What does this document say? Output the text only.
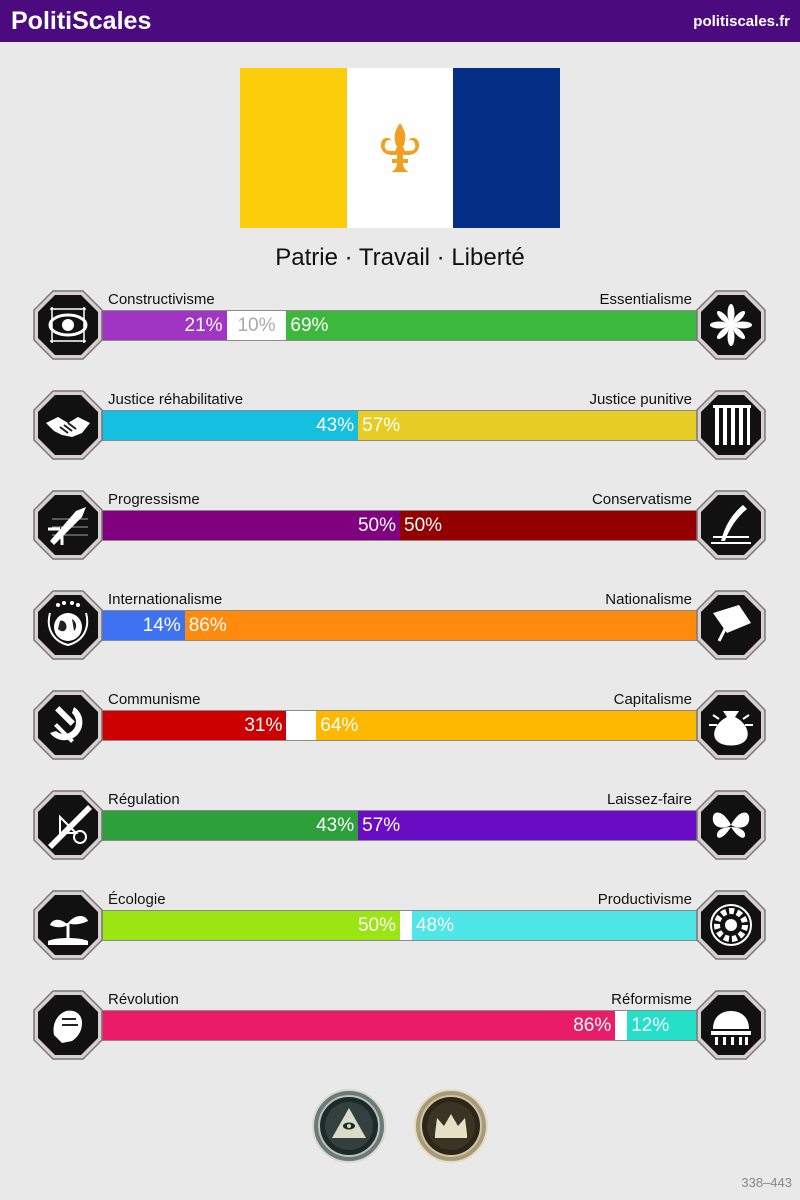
PolitiScales	politiscales.fr
Patrie · Travail · Liberté
21% 10% 69%
Constructivisme	Essentialisme
43% 57%
Justice réhabilitative	Justice punitive
50% 50%
Progressisme	Conservatisme
14% 86%
Internationalisme	Nationalisme
31% 64%
Communisme	Capitalisme
43% 57%
Régulation	Laissez-faire
50% 48%
Écologie	Productivisme
86% 12%
Révolution	Réformisme
338–443
